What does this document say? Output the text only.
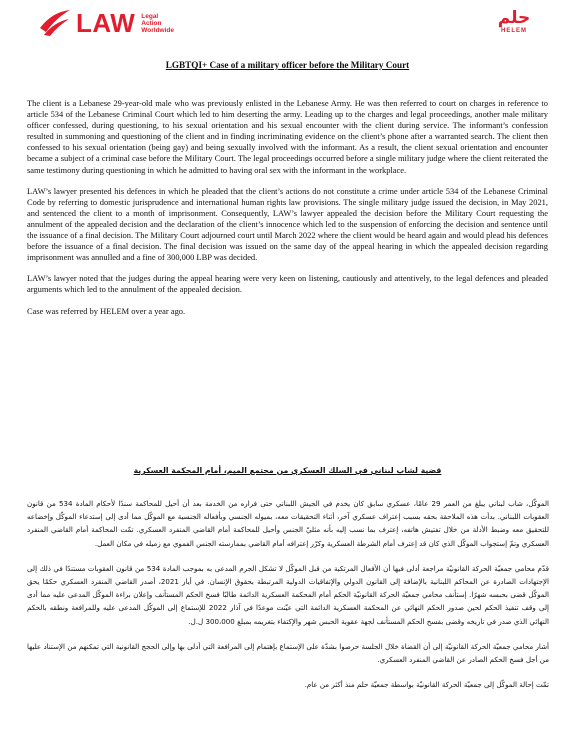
LAW Legal
Action
Worldwide
حلم
HELEM
LGBTQI+ Case of a military officer before the Military Court

The client is a Lebanese 29-year-old male who was previously enlisted in the Lebanese Army. He was then referred to court on charges in reference to article 534 of the Lebanese Criminal Court which led to him deserting the army. Leading up to the charges and legal proceedings, another male military officer confessed, during questioning, to his sexual orientation and his sexual encounter with the client during service. The informant’s confession resulted in summoning and questioning of the client and in finding incriminating evidence on the client’s phone after a warranted search. The client then confessed to his sexual orientation (being gay) and being sexually involved with the informant. As a result, the client sexual orientation and encounter became a subject of a criminal case before the Military Court. The legal proceedings occurred before a single military judge where the client reiterated the same testimony during questioning in which he admitted to having oral sex with the informant in the workplace.

LAW’s lawyer presented his defences in which he pleaded that the client’s actions do not constitute a crime under article 534 of the Lebanese Criminal Code by referring to domestic jurisprudence and international human rights law provisions. The single military judge issued the decision, in May 2021, and sentenced the client to a month of imprisonment. Consequently, LAW’s lawyer appealed the decision before the Military Court requesting the annulment of the appealed decision and the declaration of the client’s innocence which led to the suspension of enforcing the decision and sentence until the issuance of a final decision. The Military Court adjourned court until March 2022 where the client would be heard again and would plead his defences before the issuance of a final decision. The final decision was issued on the same day of the appeal hearing in which the appealed decision regarding imprisonment was annulled and a fine of 300,000 LBP was decided.

LAW’s lawyer noted that the judges during the appeal hearing were very keen on listening, cautiously and attentively, to the legal defences and pleaded arguments which led to the annulment of the appealed decision.

Case was referred by HELEM over a year ago.

قضية لشاب لبناني في السلك العسكري من مجتمع الميم، أمام المحكمة العسكرية

الموكّل، شاب لبناني يبلغ من العمر 29 عامًا، عسكري سابق كان يخدم في الجيش اللبناني حتى فراره من الخدمة بعد أن أحيل للمحاكمة سندًا لأحكام المادة 534 من قانون العقوبات اللبناني. بدأت هذه الملاحقة بحقه بسبب إعتراف عسكري آخر، أثناء التحقيقات معه، بميوله الجنسي وبأفعاله الجنسية مع الموكّل مما أدى إلى إستدعاء الموكّل وإخضاعه للتحقيق معه وضبط الأدلة من خلال تفتيش هاتفه، إعترف بما نسب إليه بأنه مثليّ الجنس وأحيل للمحاكمة أمام القاضي المنفرد العسكري. تمّت المحاكمة أمام القاضي المنفرد العسكري وتمّ إستجواب الموكّل الذي كان قد إعترف أمام الشرطة العسكرية وكرّر إعترافه أمام القاضي بممارسته الجنس الفموي مع زميله في مكان العمل.

قدّم محامي جمعيّة الحركة القانونيّة مراجعة أدلى فيها أن الأفعال المرتكبة من قبل الموكّل لا تشكل الجرم المدعى به بموجب المادة 534 من قانون العقوبات مستندًا في ذلك إلى الإجتهادات الصادرة عن المحاكم اللبنانية بالإضافة إلى القانون الدولي والإتفاقيات الدولية المرتبطة بحقوق الإنسان. في أيار 2021، أصدر القاضي المنفرد العسكري حكمًا يحق الموكّل قضى بحبسه شهرًا. إستأنف محامي جمعيّة الحركة القانونيّة الحكم أمام المحكمة العسكرية الدائمة طالبًا فسخ الحكم المستأنف وإعلان براءة الموكّل المدعى عليه مما أدى إلى وقف تنفيذ الحكم لحين صدور الحكم النهائي عن المحكمة العسكرية الدائمة التي عيّنت موعدًا في آذار 2022 للإستماع إلى الموكّل المدعى عليه وللمرافعة ونطقه بالحكم النهائي الذي صدر في تاريخه وقضى بفسخ الحكم المستأنف لجهة عقوبة الحبس شهر والإكتفاء بتغريمه بمبلغ 300،000 ل.ل.

أشار محامي جمعيّة الحركة القانونيّة إلى أن القضاة خلال الجلسة حرصوا بشدّة على الإستماع بإهتمام إلى المرافعة التي أدلى بها وإلى الحجج القانونية التي تمكنهم من الإستناد عليها من أجل فسخ الحكم الصادر عن القاضي المنفرد العسكري.

تمّت إحالة الموكّل إلى جمعيّة الحركة القانونيّة بواسطة جمعيّة حلم منذ أكثر من عام.
